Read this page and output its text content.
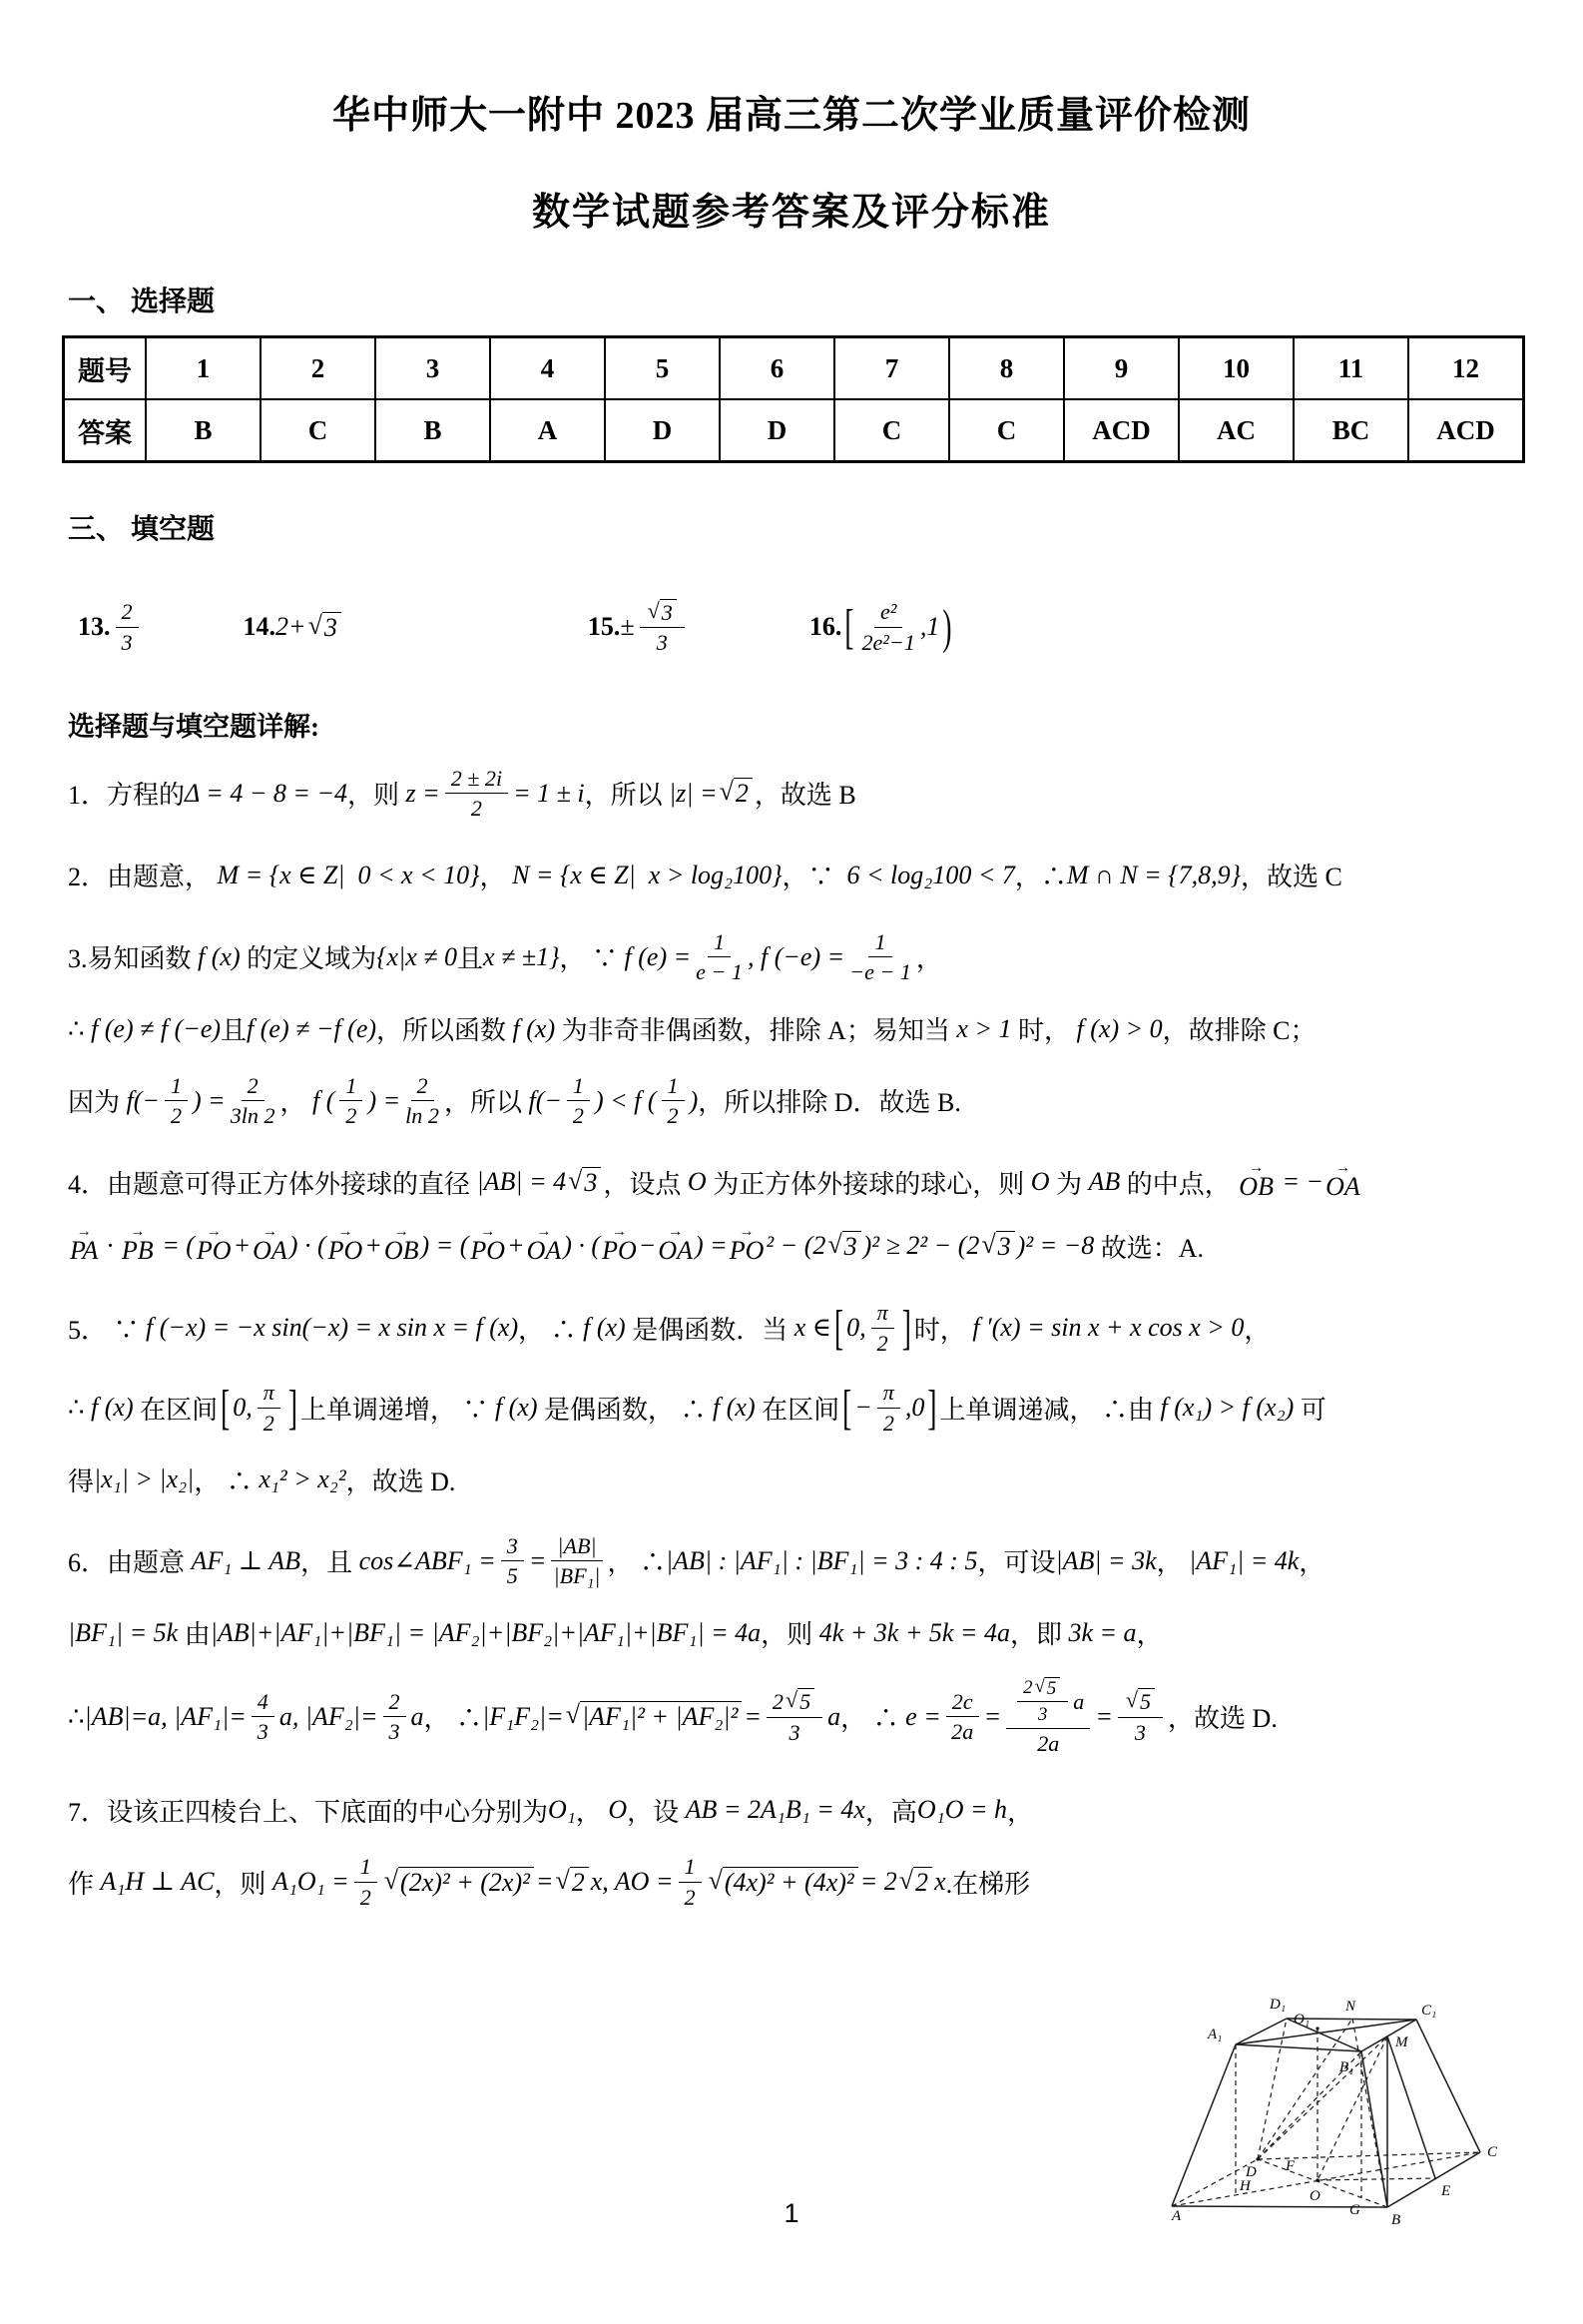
华中师大一附中 2023 届高三第二次学业质量评价检测
数学试题参考答案及评分标准
一、 选择题
题号	1	2	3	4	5	6	7	8	9	10	11	12
答案	B	C	B	A	D	D	C	C	ACD	AC	BC	ACD
三、 填空题
13. $\frac{2}{3}$	14. 2+ √ 3	15. ± $\frac{√ 3}{3}$	16. [ $\frac{\text{e²}}{\text{2e²−1}} ,1$ )
选择题与填空题详解:
1．方程的 Δ = 4 − 8 = −4 ，则 $z = \frac{2 \pm 2i}{2} = 1 \pm i$ ，所以 |z| = √ 2 ，故选 B
2．由题意， M = {x ∈ Z|  0 < x < 10} ， N = {x ∈ Z|  x > log₂100} ，∵ 6 < log₂100 < 7 ，∴ M ∩ N = {7,8,9} ，故选 C
3.易知函数 f (x) 的定义域为 {x|x ≠ 0 且 x ≠ ±1} ， ∵ f $(e) = \frac{1}{e - 1}$ , f $(-e) = \frac{1}{-e - 1}$ ，
∴ f (e) ≠ f (−e) 且 f (e) ≠ −f (e) ，所以函数 f (x) 为非奇非偶函数，排除 A；易知当 x > 1 时， f (x) > 0 ，故排除 C；
因为 f (− $\frac{1}{2}$ ) = $\frac{2}{3\ln 2}$ ， f ( $\frac{1}{2}$ ) = $\frac{2}{\ln 2}$ ，所以 f (− $\frac{1}{2}$ ) < f ( $\frac{1}{2}$ ) ，所以排除 D．故选 B.
4．由题意可得正方体外接球的直径 |AB| = 4 √ 3 ，设点 O 为正方体外接球的球心，则 O 为 AB 的中点，
→
OB = − →
OA
→
PA · →
PB = ( →
PO + →
OA ) · ( →
PO + →
OB ) = ( →
PO + →
OA ) · ( →
PO − →
OA ) = →
PO ² − (2 √ 3 )² ≥ 2² − (2 √ 3 )² = −8 故选：A.
5． ∵ f (−x) = −x sin(−x) = x sin x = f (x) ， ∴ f (x) 是偶函数．当 x ∈ [ 0, $\frac{\pi}{2}$ ] 时， f ′(x) = sin x + x cos x > 0 ，
∴ f (x) 在区间 [ 0, $\frac{\pi}{2}$ ] 上单调递增， ∵ f (x) 是偶函数， ∴ f (x) 在区间 [ − $\frac{\pi}{2} ,0$ ] 上单调递减， ∴由 f (x₁) > f (x₂) 可
得 |x₁| > |x₂| ， ∴ x₁² > x₂² ，故选 D.
6．由题意 AF₁ ⊥ AB ，且 cos∠ABF₁ = $\frac{3}{5} = \frac{|AB|}{\text{|BF₁|}}$ ， ∴ |AB| : |AF₁| : |BF₁| = 3 : 4 : 5 ，可设 |AB| = 3k ， |AF₁| = 4k ，
|BF₁| = 5k 由 |AB|+|AF₁|+|BF₁| = |AF₂|+|BF₂|+|AF₁|+|BF₁| = 4a ，则 4k + 3k + 5k = 4a ，即 3k = a ，
∴ |AB|=a, $|AF_1|= \frac{4}{3} a$, $|AF_2|= \frac{2}{3}$ a ， ∴ |F₁F₂|= √ $|AF_1|^2 + |AF_2|^2 = \frac{2 √ 5}{3}$ a ， ∴ $e = \frac{2c}{2a} = \frac{\frac{2 √ 5}{3} a}{2a} = \frac{√ 5}{3}$ ，故选 D.
7．设该正四棱台上、下底面的中心分别为 O₁ ， O ，设 AB = 2A₁B₁ = 4x ，高 O₁O = h ，
作 A₁H ⊥ AC ，则 $A_1O_1 = \frac{1}{2}$ √ (2x)² + (2x)² = √ 2 x, AO = $\frac{1}{2}$ √ (4x)² + (4x)² = 2 √ 2 x .在梯形
A	B
C
D
E
F
G
H
O
O₁
M
N
A₁
B₁
C₁
D₁
1
